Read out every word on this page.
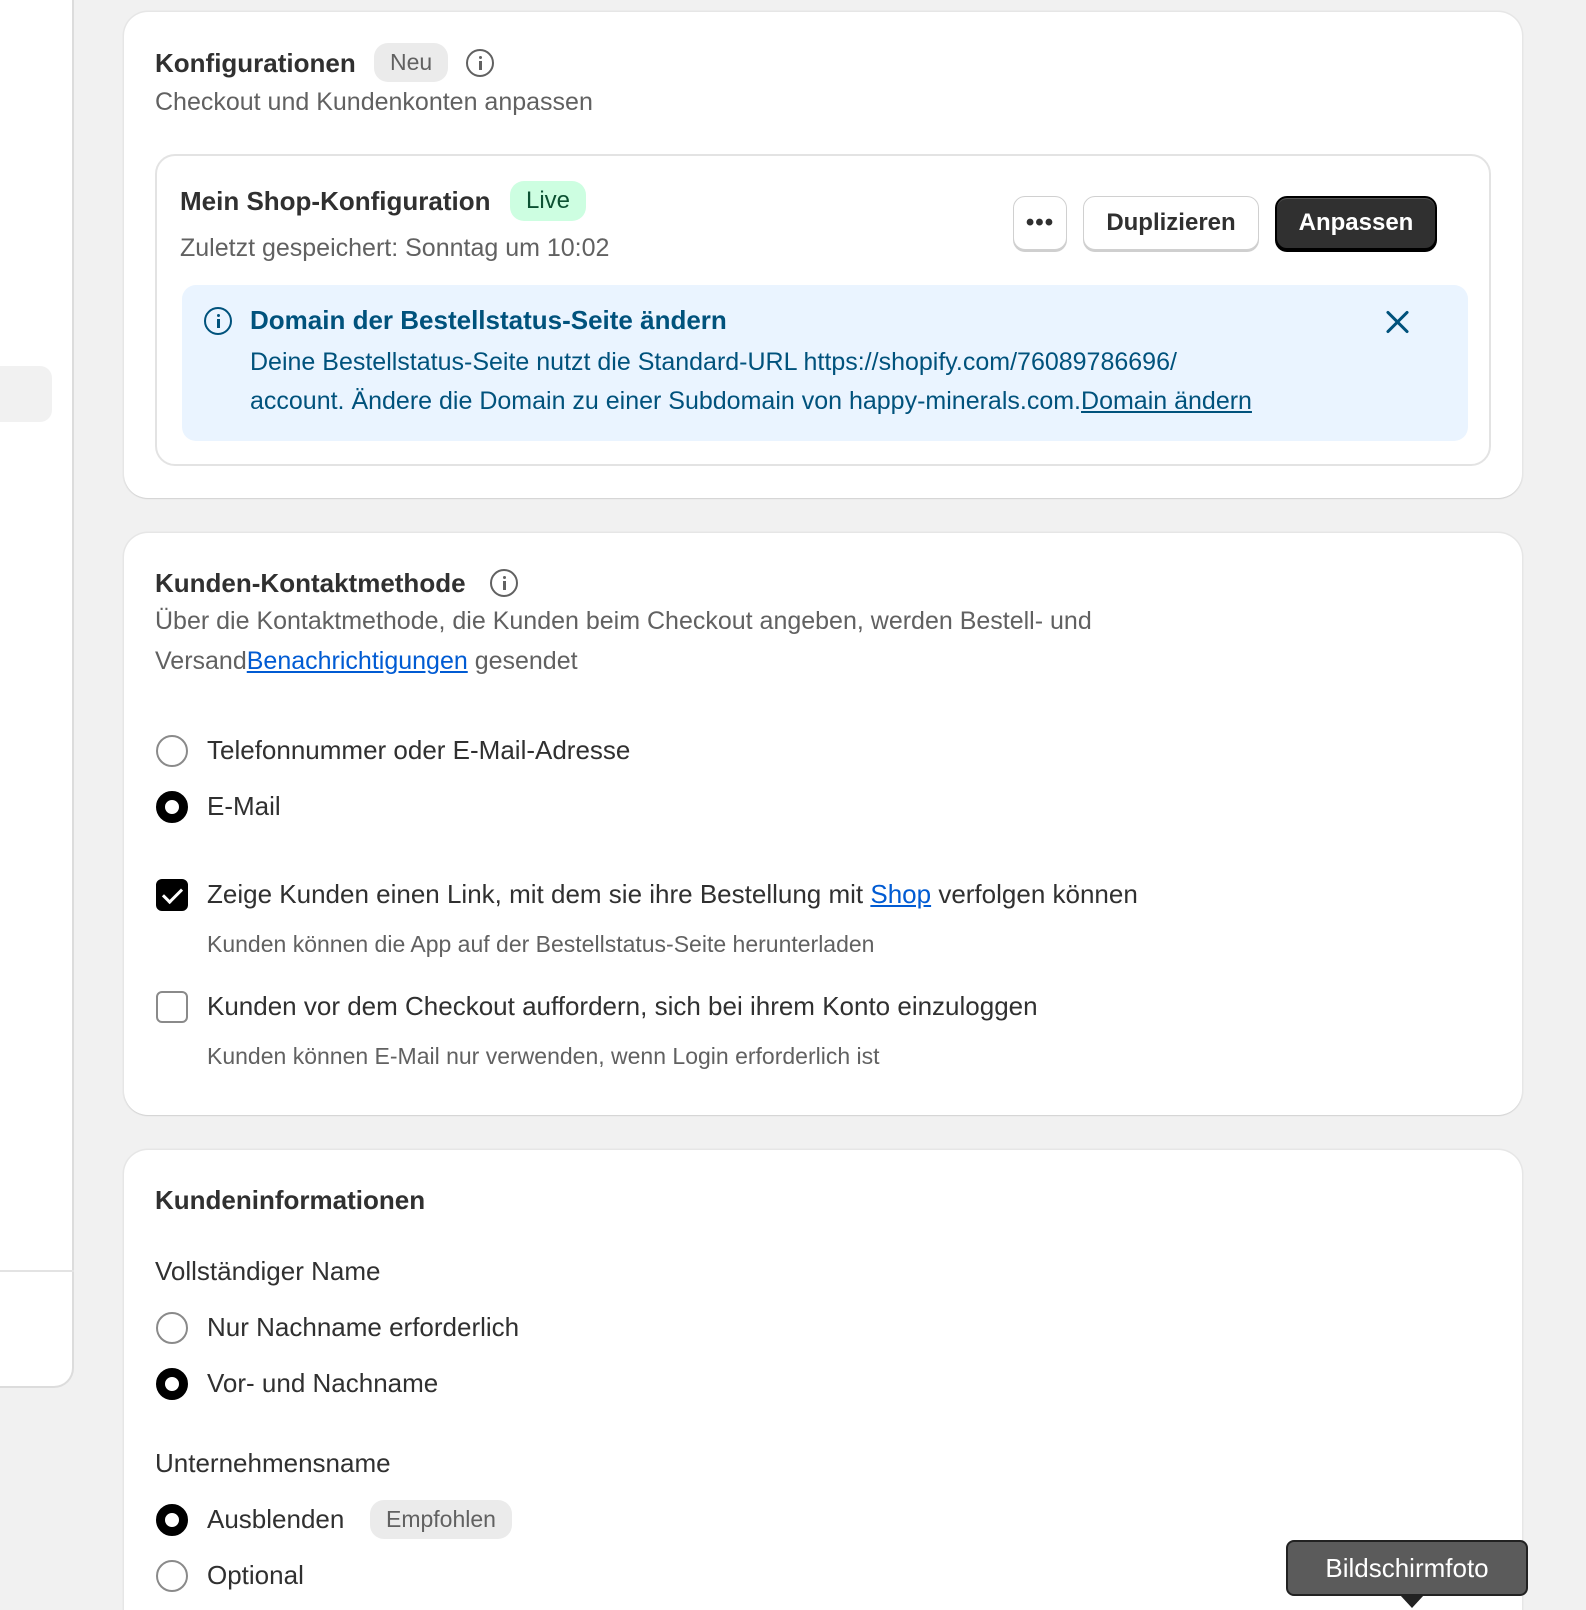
Konfigurationen	Neu
Checkout und Kundenkonten anpassen
Mein Shop-Konfiguration	Live
Zuletzt gespeichert: Sonntag um 10:02
•••	Duplizieren	Anpassen
Domain der Bestellstatus-Seite ändern
Deine Bestellstatus-Seite nutzt die Standard-URL https://shopify.com/76089786696/
account. Ändere die Domain zu einer Subdomain von happy-minerals.com.Domain ändern
Kunden-Kontaktmethode
Über die Kontaktmethode, die Kunden beim Checkout angeben, werden Bestell- und
VersandBenachrichtigungen gesendet
Telefonnummer oder E-Mail-Adresse
E-Mail
Zeige Kunden einen Link, mit dem sie ihre Bestellung mit Shop verfolgen können
Kunden können die App auf der Bestellstatus-Seite herunterladen
Kunden vor dem Checkout auffordern, sich bei ihrem Konto einzuloggen
Kunden können E-Mail nur verwenden, wenn Login erforderlich ist
Kundeninformationen
Vollständiger Name
Nur Nachname erforderlich
Vor- und Nachname
Unternehmensname
Ausblenden	Empfohlen
Optional	Bildschirmfoto
